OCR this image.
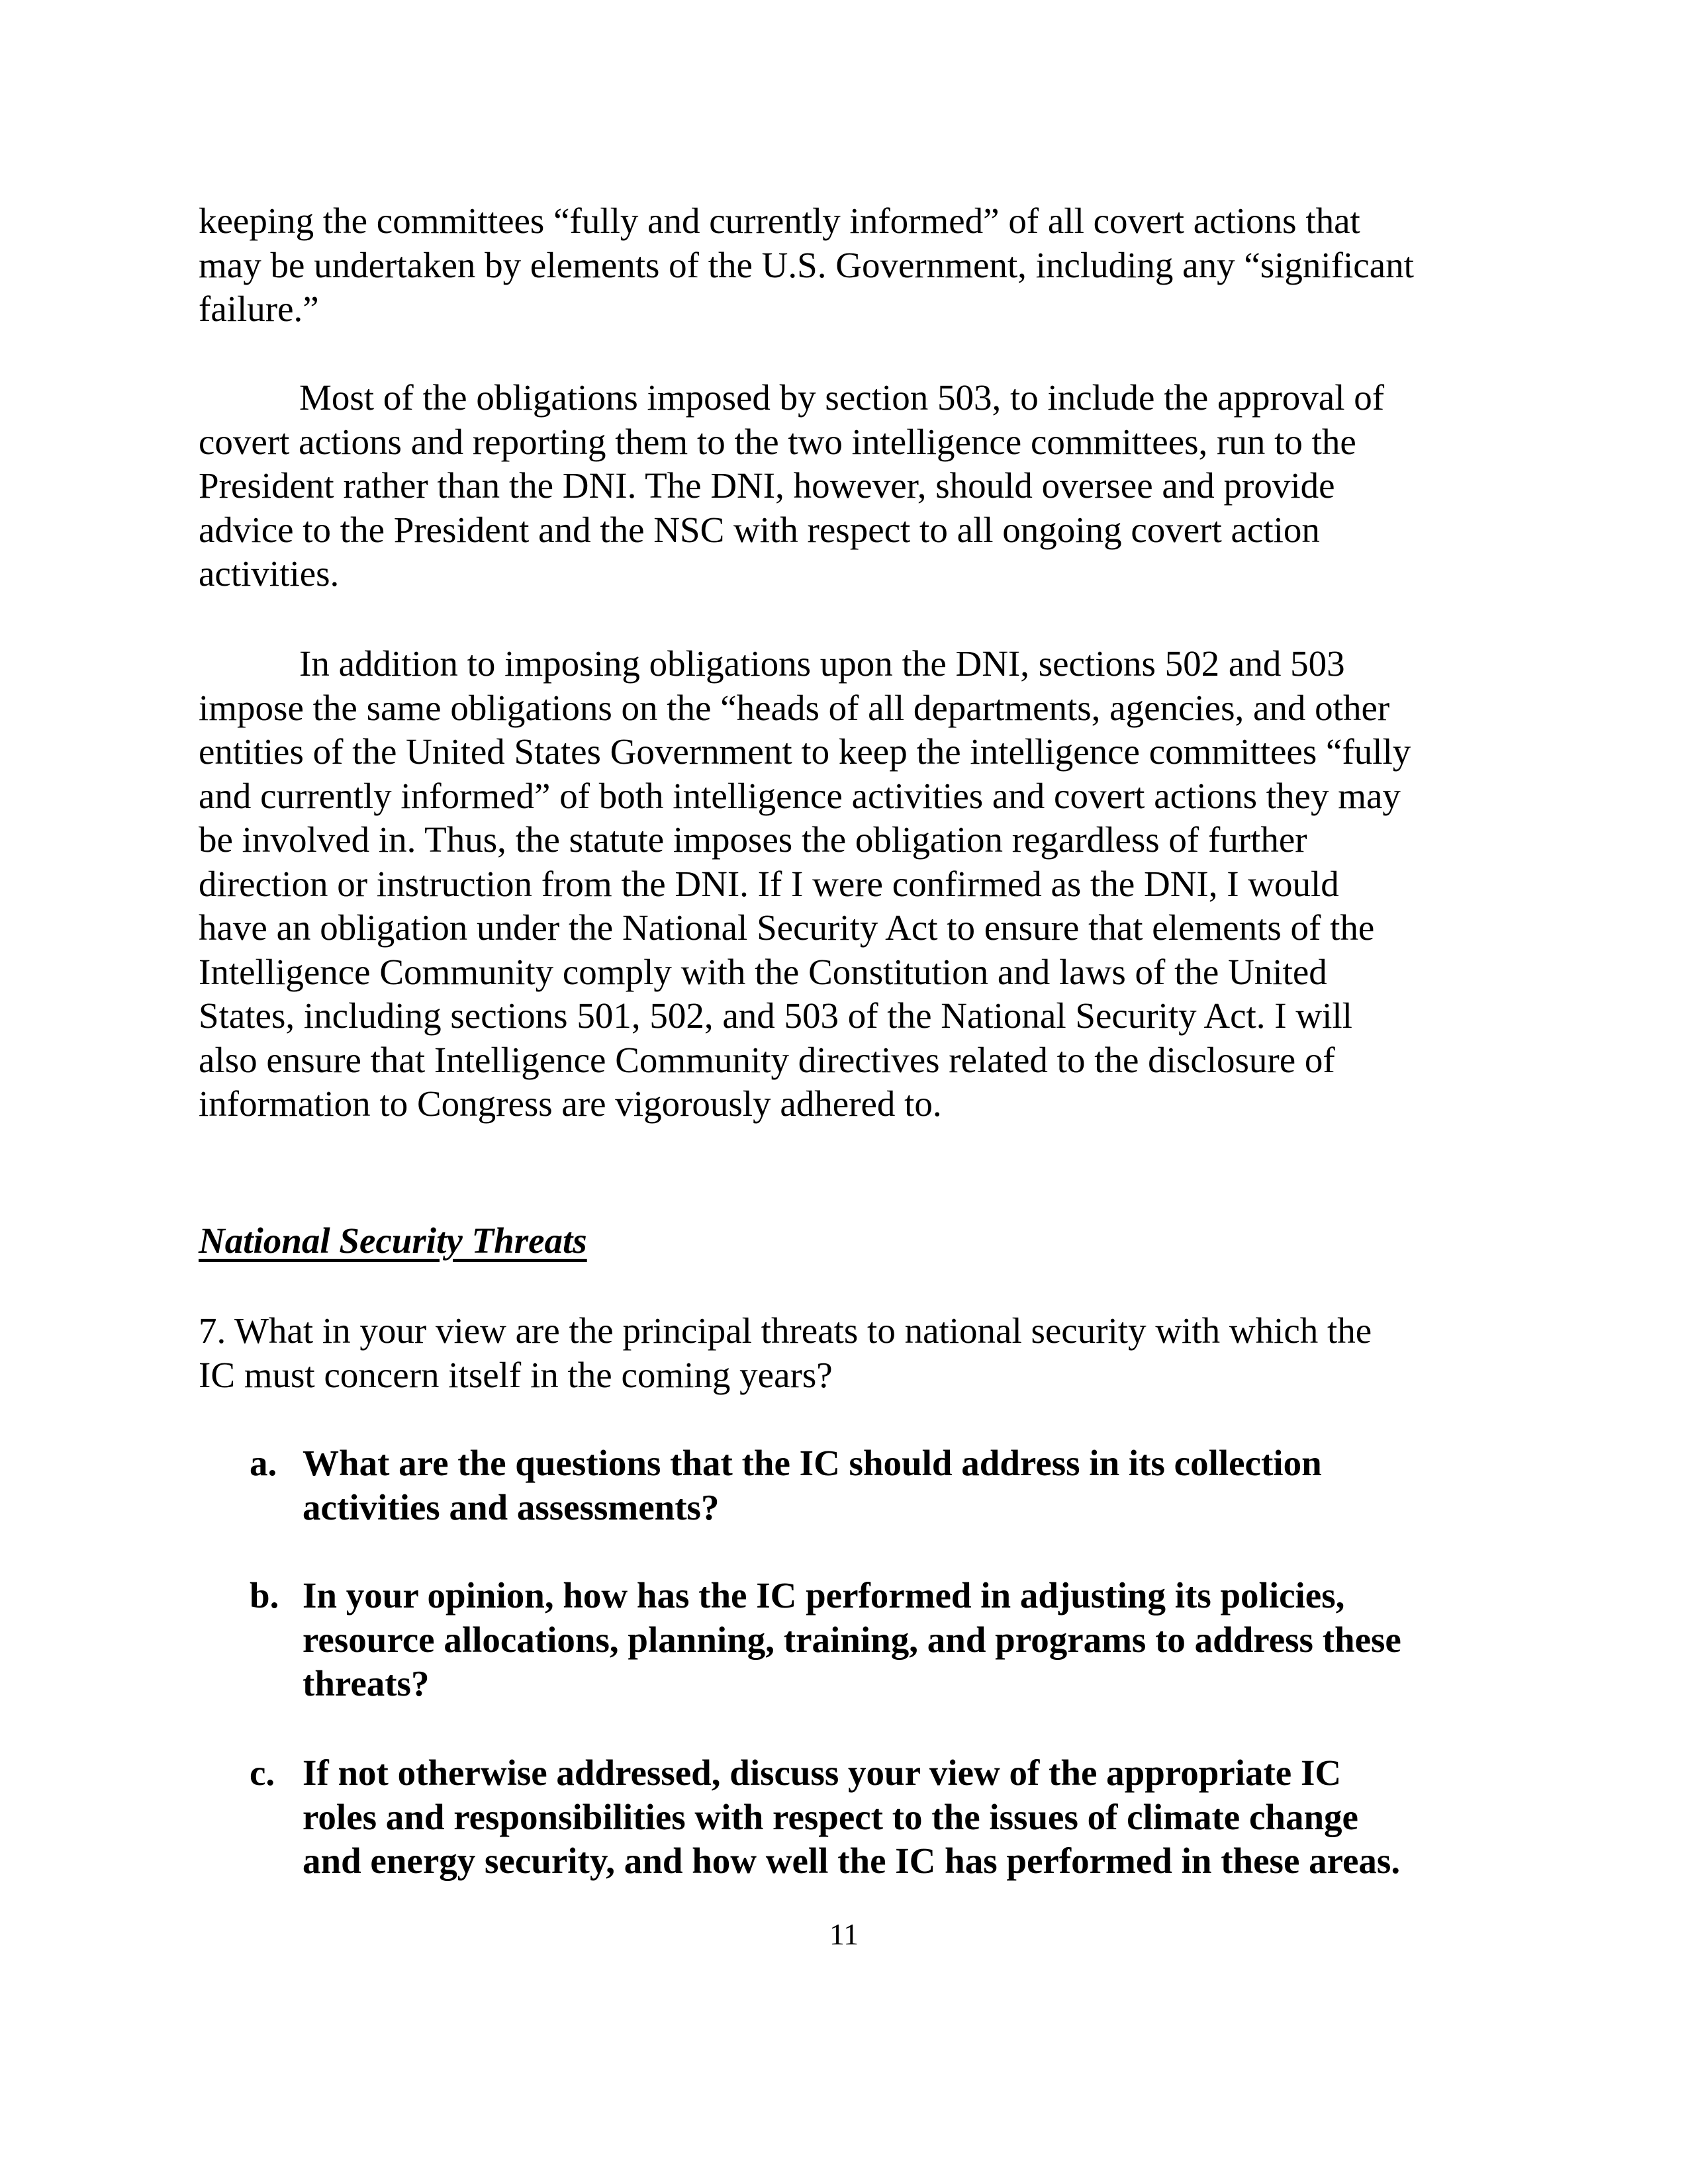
keeping the committees “fully and currently informed” of all covert actions that
may be undertaken by elements of the U.S. Government, including any “significant
failure.”
Most of the obligations imposed by section 503, to include the approval of
covert actions and reporting them to the two intelligence committees, run to the
President rather than the DNI. The DNI, however, should oversee and provide
advice to the President and the NSC with respect to all ongoing covert action
activities.
In addition to imposing obligations upon the DNI, sections 502 and 503
impose the same obligations on the “heads of all departments, agencies, and other
entities of the United States Government to keep the intelligence committees “fully
and currently informed” of both intelligence activities and covert actions they may
be involved in. Thus, the statute imposes the obligation regardless of further
direction or instruction from the DNI. If I were confirmed as the DNI, I would
have an obligation under the National Security Act to ensure that elements of the
Intelligence Community comply with the Constitution and laws of the United
States, including sections 501, 502, and 503 of the National Security Act. I will
also ensure that Intelligence Community directives related to the disclosure of
information to Congress are vigorously adhered to.
National Security Threats
7. What in your view are the principal threats to national security with which the
IC must concern itself in the coming years?
a. What are the questions that the IC should address in its collection
activities and assessments?
b. In your opinion, how has the IC performed in adjusting its policies,
resource allocations, planning, training, and programs to address these
threats?
c. If not otherwise addressed, discuss your view of the appropriate IC
roles and responsibilities with respect to the issues of climate change
and energy security, and how well the IC has performed in these areas.
11
